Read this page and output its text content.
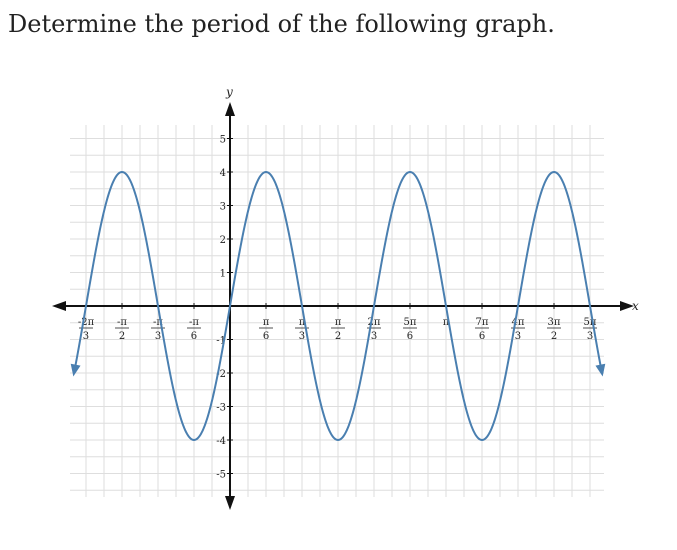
Determine the period of the following graph.
5
4
3
2
1
-1
-2
-3
-4
-5
-2π
3
-π
2
-π
3
-π
6
π
6
π
3
π
2
2π
3
5π
6
π	7π
6
4π
3
3π
2
5π
3
x
y
